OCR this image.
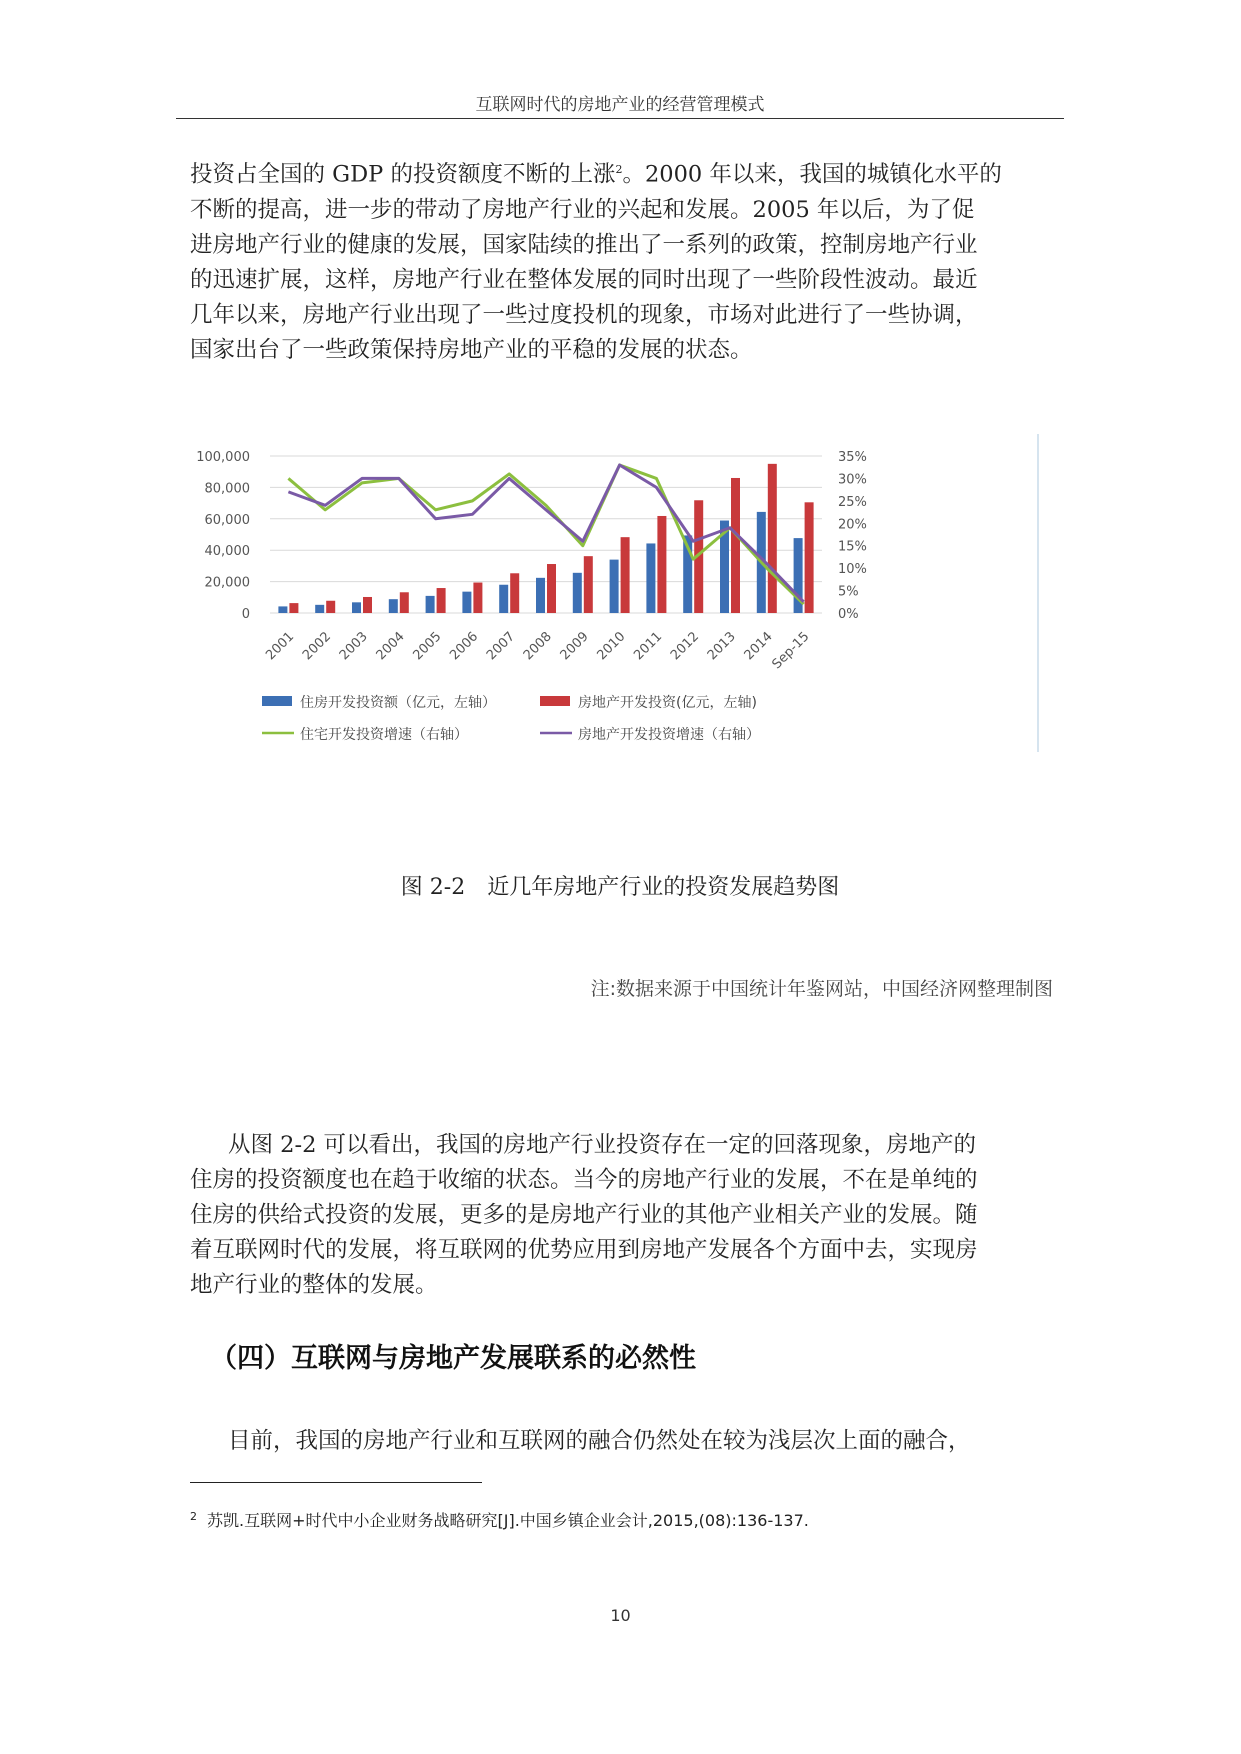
互联网时代的房地产业的经营管理模式
投资占全国的 GDP 的投资额度不断的上涨$^2$。2000 年以来，我国的城镇化水平的
不断的提高，进一步的带动了房地产行业的兴起和发展。2005 年以后，为了促
进房地产行业的健康的发展，国家陆续的推出了一系列的政策，控制房地产行业
的迅速扩展，这样，房地产行业在整体发展的同时出现了一些阶段性波动。最近
几年以来，房地产行业出现了一些过度投机的现象，市场对此进行了一些协调，
国家出台了一些政策保持房地产业的平稳的发展的状态。
0
20,000
40,000
60,000
80,000
100,000
0%
5%
10%
15%
20%
25%
30%
35%
2001 2002 2003 2004 2005 2006 2007 2008 2009 2010 2011 2012 2013 2014
Sep-15
住房开发投资额（亿元，左轴）	房地产开发投资(亿元，左轴)
住宅开发投资增速（右轴）	房地产开发投资增速（右轴）
图 2-2　近几年房地产行业的投资发展趋势图
注:数据来源于中国统计年鉴网站，中国经济网整理制图
从图 2-2 可以看出，我国的房地产行业投资存在一定的回落现象，房地产的
住房的投资额度也在趋于收缩的状态。当今的房地产行业的发展，不在是单纯的
住房的供给式投资的发展，更多的是房地产行业的其他产业相关产业的发展。随
着互联网时代的发展，将互联网的优势应用到房地产发展各个方面中去，实现房
地产行业的整体的发展。
（四）互联网与房地产发展联系的必然性
目前，我国的房地产行业和互联网的融合仍然处在较为浅层次上面的融合，
$^2$ 苏凯.互联网+时代中小企业财务战略研究[J].中国乡镇企业会计,2015,(08):136-137.
10
